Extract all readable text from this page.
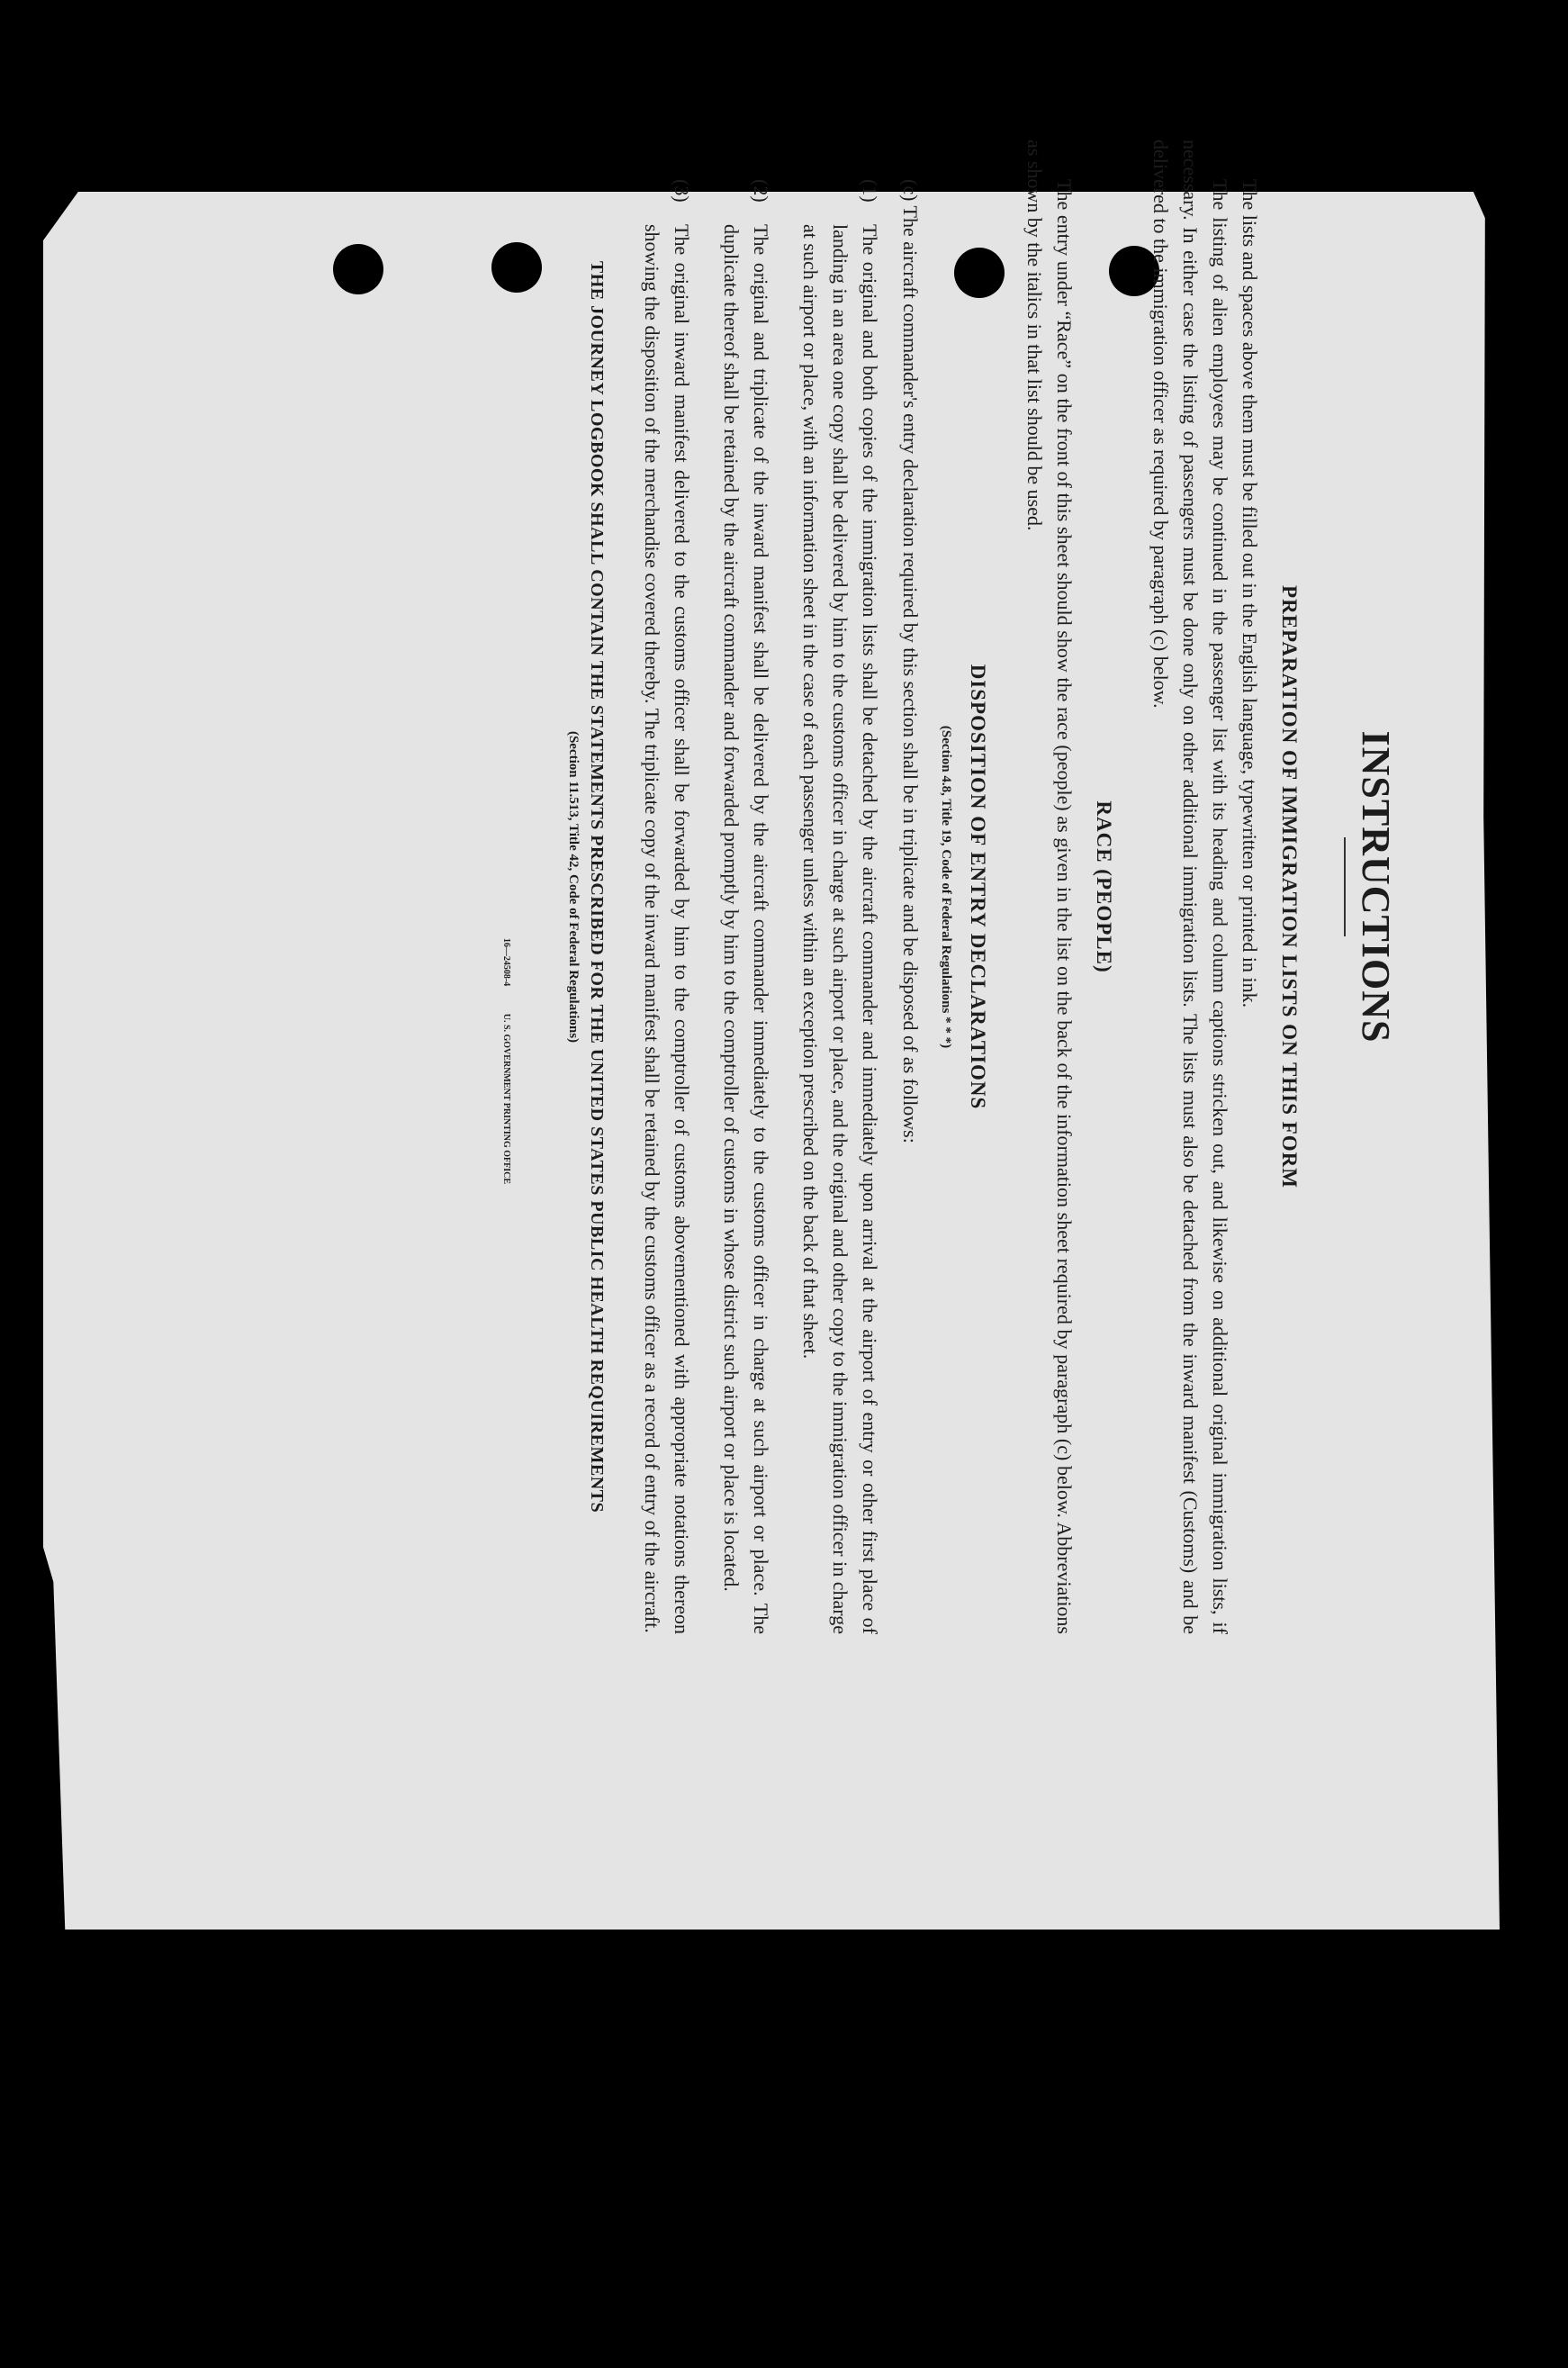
INSTRUCTIONS
PREPARATION OF IMMIGRATION LISTS ON THIS FORM

The lists and spaces above them must be filled out in the English language, typewritten or printed in ink.

The listing of alien employees may be continued in the passenger list with its heading and column captions stricken out, and likewise on additional original immigration lists, if necessary. In either case the listing of passengers must be done only on other additional immigration lists. The lists must also be detached from the inward manifest (Customs) and be delivered to the immigration officer as required by paragraph (c) below.

RACE (PEOPLE)

The entry under “Race” on the front of this sheet should show the race (people) as given in the list on the back of the information sheet required by paragraph (c) below. Abbreviations as shown by the italics in that list should be used.

DISPOSITION OF ENTRY DECLARATIONS
(Section 4.8, Title 19, Code of Federal Regulations * * *)

(c) The aircraft commander's entry declaration required by this section shall be in triplicate and be disposed of as follows:

(1)
The original and both copies of the immigration lists shall be detached by the aircraft commander and immediately upon arrival at the airport of entry or other first place of landing in an area one copy shall be delivered by him to the customs officer in charge at such airport or place, and the original and other copy to the immigration officer in charge at such airport or place, with an information sheet in the case of each passenger unless within an exception prescribed on the back of that sheet.
(2)
The original and triplicate of the inward manifest shall be delivered by the aircraft commander immediately to the customs officer in charge at such airport or place. The duplicate thereof shall be retained by the aircraft commander and forwarded promptly by him to the comptroller of customs in whose district such airport or place is located.
(3)
The original inward manifest delivered to the customs officer shall be forwarded by him to the comptroller of customs abovementioned with appropriate notations thereon showing the disposition of the merchandise covered thereby. The triplicate copy of the inward manifest shall be retained by the customs officer as a record of entry of the aircraft.
THE JOURNEY LOGBOOK SHALL CONTAIN THE STATEMENTS PRESCRIBED FOR THE UNITED STATES PUBLIC HEALTH REQUIREMENTS
(Section 11.513, Title 42, Code of Federal Regulations)
16—24508-4 U. S. GOVERNMENT PRINTING OFFICE
